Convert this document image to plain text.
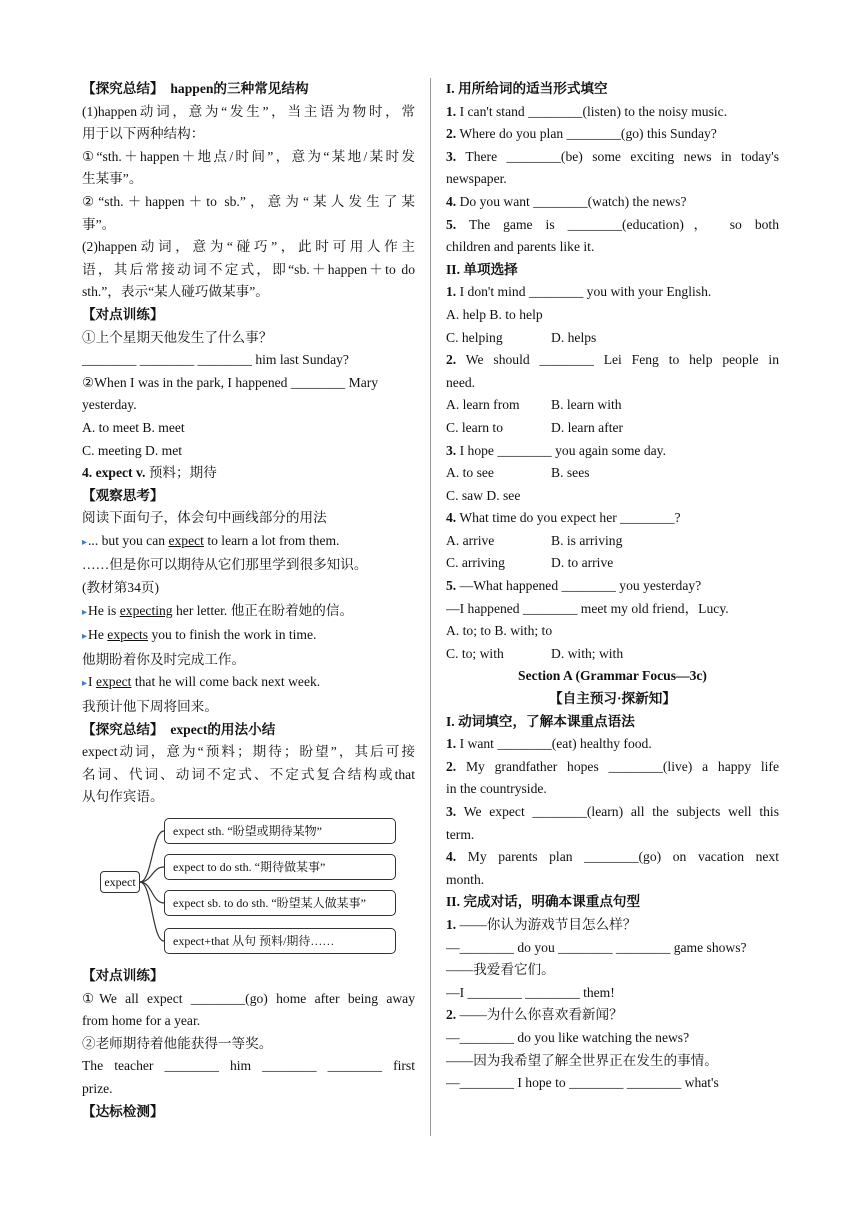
【探究总结】　happen的三种常见结构
(1)happen动词，意为“发生”，当主语为物时，常
用于以下两种结构：
①“sth.＋happen＋地点/时间”，意为“某地/某时发
生某事”。
②“sth.＋happen＋to sb.”，意为“某人发生了某
事”。
(2)happen动词，意为“碰巧”，此时可用人作主
语，其后常接动词不定式，即“sb.＋happen＋to do
sth.”，表示“某人碰巧做某事”。
【对点训练】
①上个星期天他发生了什么事？
________ ________ ________ him last Sunday?
②When I was in the park, I happened ________ Mary
yesterday.
A. to meet B. meet
C. meeting D. met
4. expect v. 预料；期待
【观察思考】
阅读下面句子，体会句中画线部分的用法
▸... but you can expect to learn a lot from them.
……但是你可以期待从它们那里学到很多知识。
(教材第34页)
▸He is expecting her letter. 他正在盼着她的信。
▸He expects you to finish the work in time.
他期盼着你及时完成工作。
▸I expect that he will come back next week.
我预计他下周将回来。
【探究总结】　expect的用法小结
expect动词，意为“预料；期待；盼望”，其后可接
名词、代词、动词不定式、不定式复合结构或that
从句作宾语。
expect
expect sth. “盼望或期待某物”
expect to do sth. “期待做某事”
expect sb. to do sth. “盼望某人做某事”
expect+that 从句 预料/期待……
【对点训练】
①We all expect ________(go) home after being away
from home for a year.
②老师期待着他能获得一等奖。
The teacher ________ him ________ ________ first
prize.
【达标检测】
I. 用所给词的适当形式填空
1. I can't stand ________(listen) to the noisy music.
2. Where do you plan ________(go) this Sunday?
3. There ________(be) some exciting news in today's
newspaper.
4. Do you want ________(watch) the news?
5. The game is ________(education)， so both
children and parents like it.
II. 单项选择
1. I don't mind ________ you with your English.
A. help B. to help
C. helping	D. helps
2. We should ________ Lei Feng to help people in
need.
A. learn from B. learn with
C. learn to	D. learn after
3. I hope ________ you again some day.
A. to see	B. sees
C. saw D. see
4. What time do you expect her ________?
A. arrive	B. is arriving
C. arriving	D. to arrive
5. —What happened ________ you yesterday?
—I happened ________ meet my old friend，Lucy.
A. to; to B. with; to
C. to; with	D. with; with
Section A (Grammar Focus—3c)
【自主预习·探新知】
I. 动词填空，了解本课重点语法
1. I want ________(eat) healthy food.
2. My grandfather hopes ________(live) a happy life
in the countryside.
3. We expect ________(learn) all the subjects well this
term.
4. My parents plan ________(go) on vacation next
month.
II. 完成对话，明确本课重点句型
1. ——你认为游戏节目怎么样？
—________ do you ________ ________ game shows?
——我爱看它们。
—I ________ ________ them!
2. ——为什么你喜欢看新闻？
—________ do you like watching the news?
——因为我希望了解全世界正在发生的事情。
—________ I hope to ________ ________ what's
